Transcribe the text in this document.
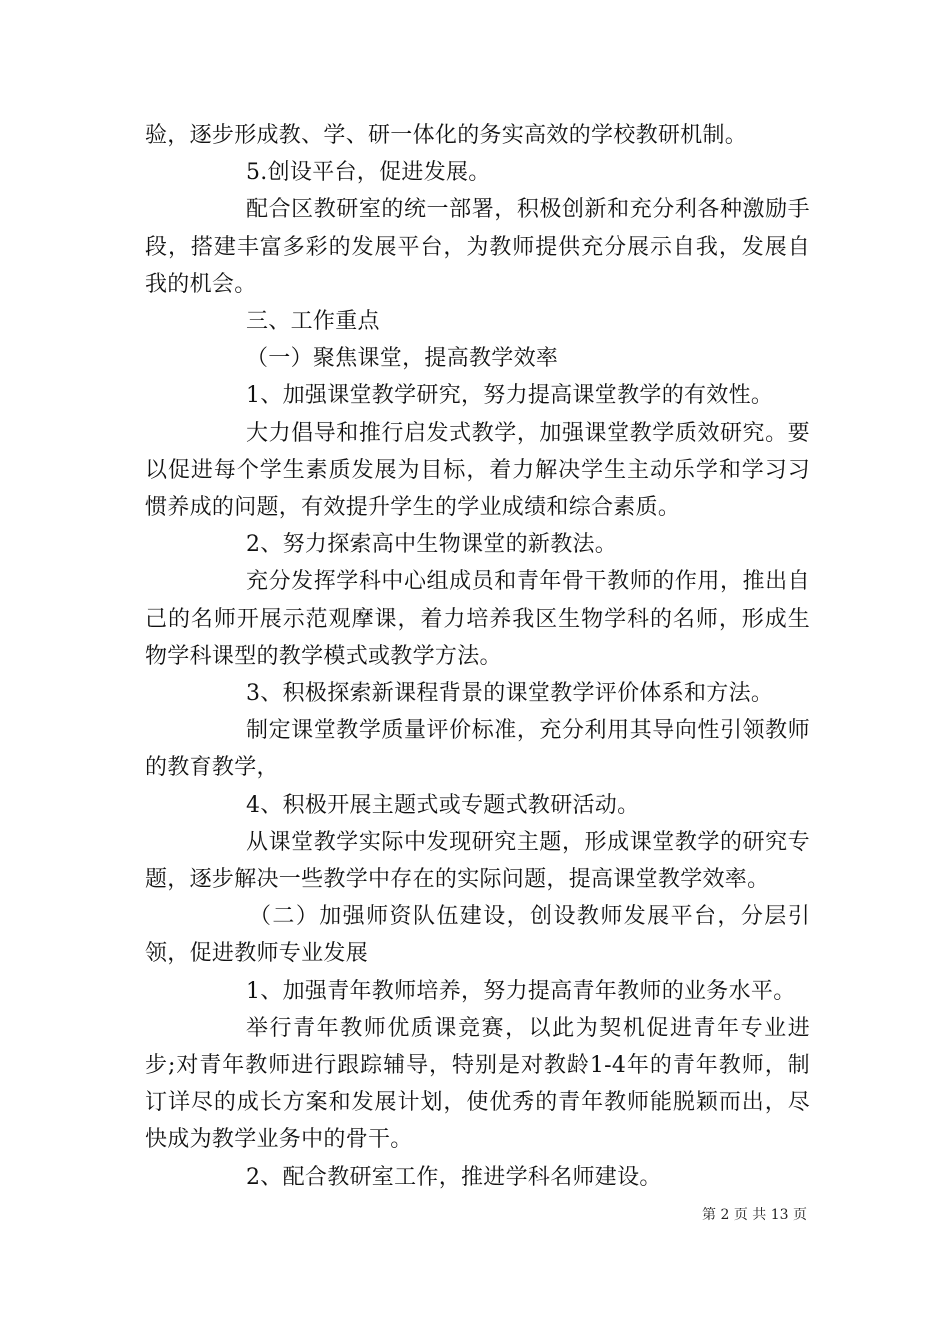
验，逐步形成教、学、研一体化的务实高效的学校教研机制。

5.创设平台，促进发展。

配合区教研室的统一部署，积极创新和充分利各种激励手段，搭建丰富多彩的发展平台，为教师提供充分展示自我，发展自我的机会。

三、工作重点

（一）聚焦课堂，提高教学效率

1、加强课堂教学研究，努力提高课堂教学的有效性。

大力倡导和推行启发式教学，加强课堂教学质效研究。要以促进每个学生素质发展为目标，着力解决学生主动乐学和学习习惯养成的问题，有效提升学生的学业成绩和综合素质。

2、努力探索高中生物课堂的新教法。

充分发挥学科中心组成员和青年骨干教师的作用，推出自己的名师开展示范观摩课，着力培养我区生物学科的名师，形成生物学科课型的教学模式或教学方法。

3、积极探索新课程背景的课堂教学评价体系和方法。

制定课堂教学质量评价标准，充分利用其导向性引领教师的教育教学，

4、积极开展主题式或专题式教研活动。

从课堂教学实际中发现研究主题，形成课堂教学的研究专题，逐步解决一些教学中存在的实际问题，提高课堂教学效率。

（二）加强师资队伍建设，创设教师发展平台，分层引领，促进教师专业发展

1、加强青年教师培养，努力提高青年教师的业务水平。

举行青年教师优质课竞赛，以此为契机促进青年专业进步;对青年教师进行跟踪辅导，特别是对教龄1-4年的青年教师，制订详尽的成长方案和发展计划，使优秀的青年教师能脱颖而出，尽快成为教学业务中的骨干。

2、配合教研室工作，推进学科名师建设。

第 2 页 共 13 页
